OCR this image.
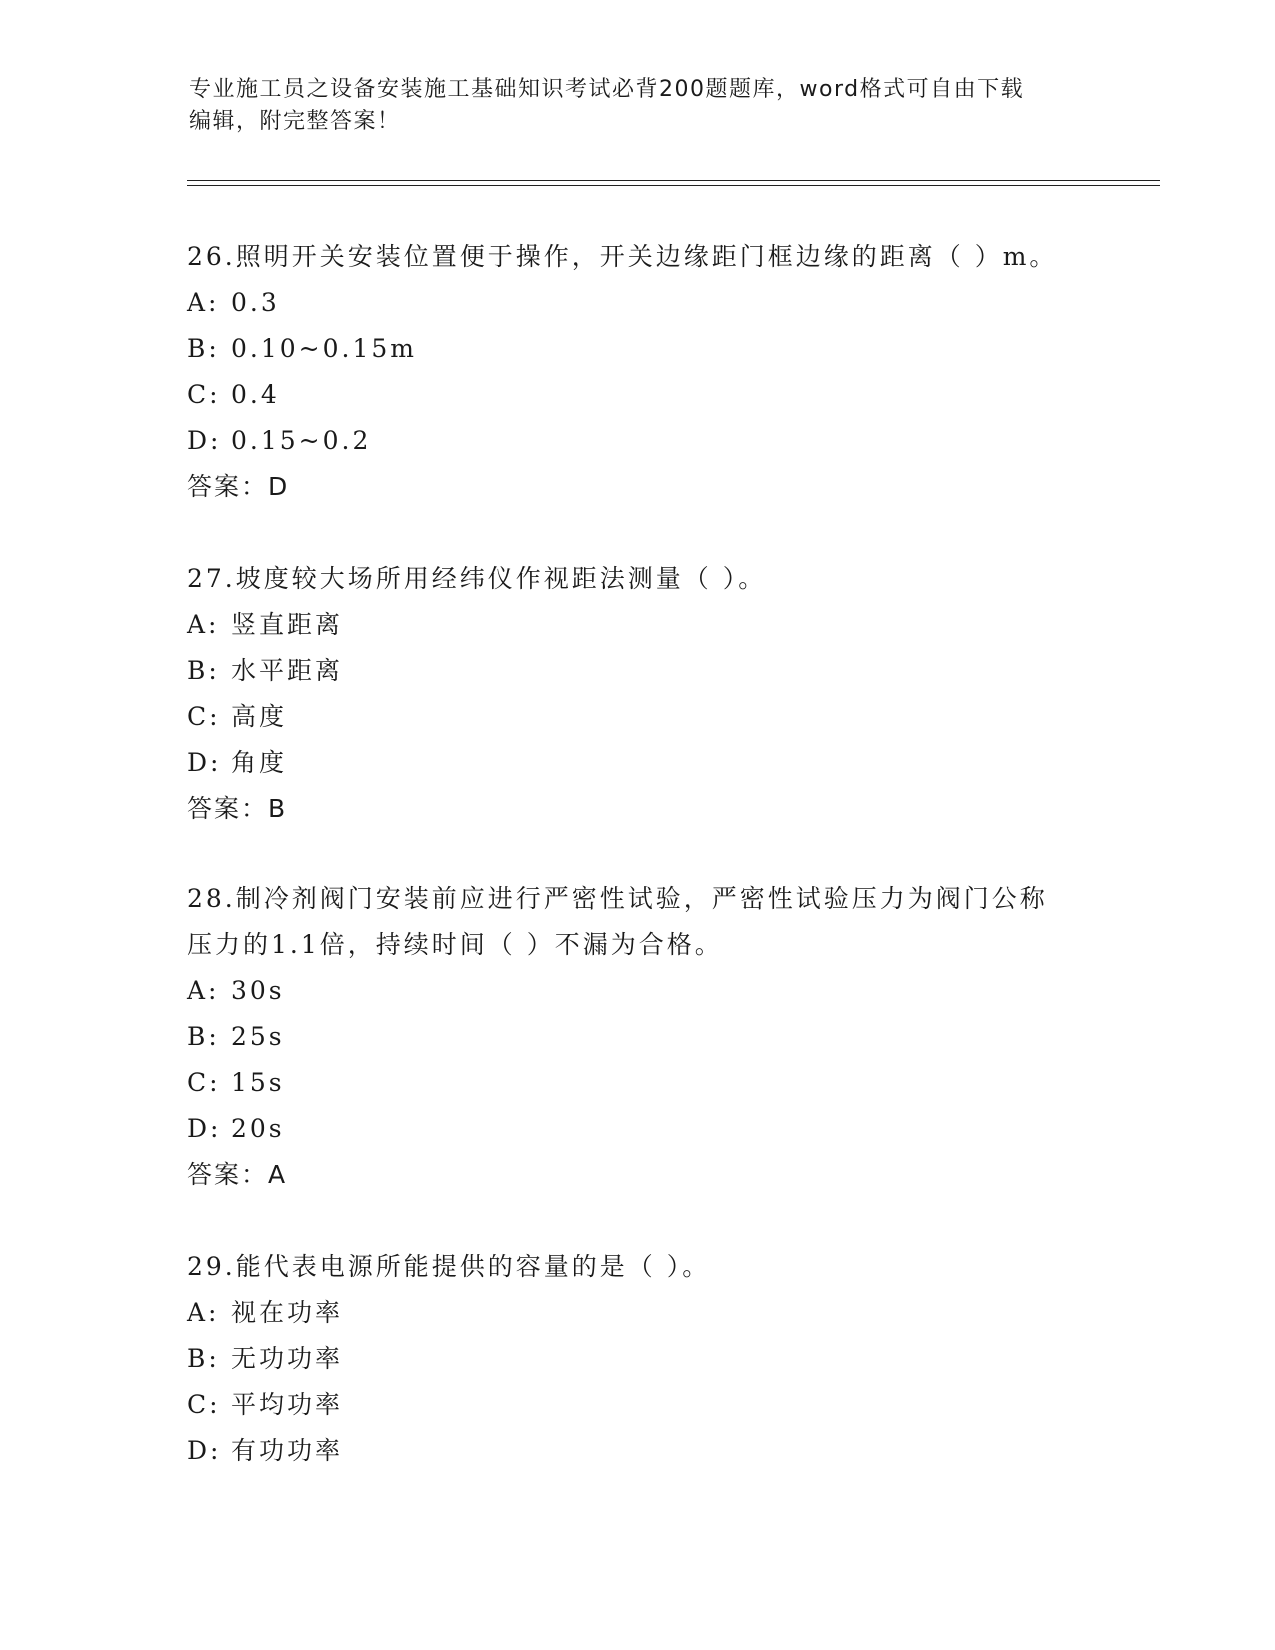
专业施工员之设备安装施工基础知识考试必背200题题库，word格式可自由下载
编辑，附完整答案！

26.照明开关安装位置便于操作，开关边缘距门框边缘的距离（ ）m。

A: 0.3

B: 0.10~0.15m

C: 0.4

D: 0.15~0.2

答案：D

27.坡度较大场所用经纬仪作视距法测量（ ）。

A: 竖直距离

B: 水平距离

C: 高度

D: 角度

答案：B

28.制冷剂阀门安装前应进行严密性试验，严密性试验压力为阀门公称

压力的1.1倍，持续时间（ ）不漏为合格。

A: 30s

B: 25s

C: 15s

D: 20s

答案：A

29.能代表电源所能提供的容量的是（ ）。

A: 视在功率

B: 无功功率

C: 平均功率

D: 有功功率
